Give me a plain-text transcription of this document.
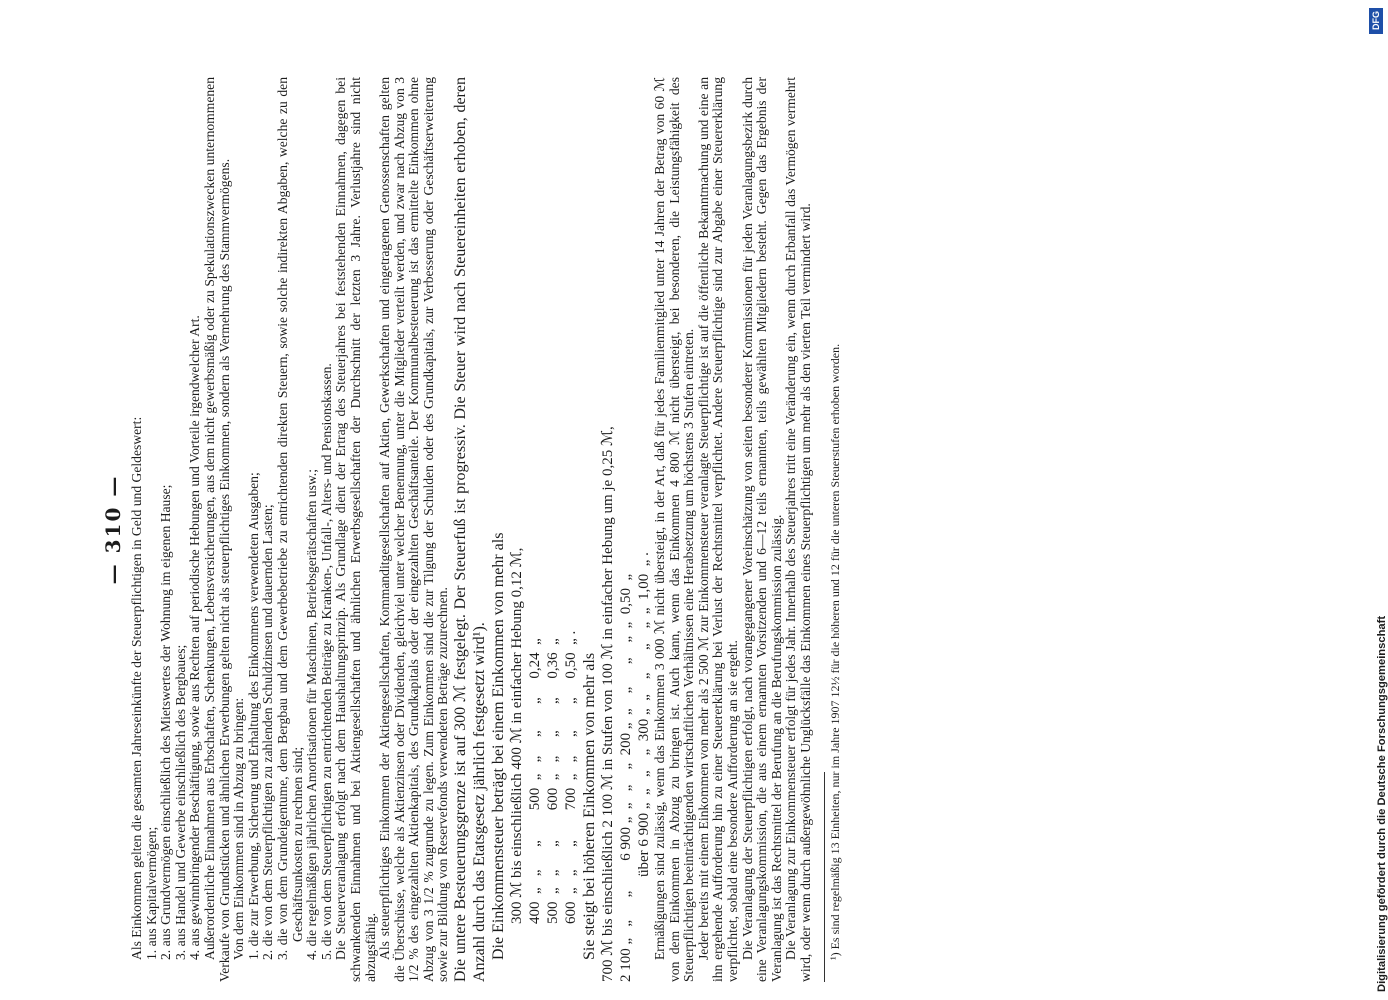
— 310 — Als Einkommen gelten die gesamten Jahreseinkünfte der Steuerpflichtigen in Geld und Geldeswert: 1. aus Kapitalvermögen; 2. aus Grundvermögen einschließlich des Mietswertes der Wohnung im eigenen Hause; 3. aus Handel und Gewerbe einschließlich des Bergbaues; 4. aus gewinnbringender Beschäftigung, sowie aus Rechten auf periodische Hebungen und Vorteile irgendwelcher Art. Außerordentliche Einnahmen aus Erbschaften, Schenkungen, Lebensversicherungen, aus dem nicht gewerbsmäßig oder zu Spekulationszwecken unternommenen Verkaufe von Grundstücken und ähnlichen Erwerbungen gelten nicht als steuerpflichtiges Einkommen, sondern als Vermehrung des Stammvermögens. Von dem Einkommen sind in Abzug zu bringen: 1. die zur Erwerbung, Sicherung und Erhaltung des Einkommens verwendeten Ausgaben; 2. die von dem Steuerpflichtigen zu zahlenden Schuldzinsen und dauernden Lasten; 3. die von dem Grundeigentume, dem Bergbau und dem Gewerbebetriebe zu entrichtenden direkten Steuern, sowie solche indirekten Abgaben, welche zu den Geschäftsunkosten zu rechnen sind; 4. die regelmäßigen jährlichen Amortisationen für Maschinen, Betriebsgerätschaften usw.; 5. die von dem Steuerpflichtigen zu entrichtenden Beiträge zu Kranken-, Unfall-, Alters- und Pensionskassen. Die Steuerveranlagung erfolgt nach dem Haushaltungsprinzip. Als Grundlage dient der Ertrag des Steuerjahres bei feststehenden Einnahmen, dagegen bei schwankenden Einnahmen und bei Aktiengesellschaften und ähnlichen Erwerbsgesellschaften der Durchschnitt der letzten 3 Jahre. Verlustjahre sind nicht abzugsfähig. Als steuerpflichtiges Einkommen der Aktiengesellschaften, Kommanditgesellschaften auf Aktien, Gewerkschaften und eingetragenen Genossenschaften gelten die Überschüsse, welche als Aktienzinsen oder Dividenden, gleichviel unter welcher Benennung, unter die Mitglieder verteilt werden, und zwar nach Abzug von 3 1/2 % des eingezahlten Aktienkapitals, des Grundkapitals oder der eingezahlten Geschäftsanteile. Der Kommunalbesteuerung ist das ermittelte Einkommen ohne Abzug von 3 1/2 % zugrunde zu legen. Zum Einkommen sind die zur Tilgung der Schulden oder des Grundkapitals, zur Verbesserung oder Geschäftserweiterung sowie zur Bildung von Reservefonds verwendeten Beträge zuzurechnen. Die untere Besteuerungsgrenze ist auf 300 ℳ festgelegt. Der Steuerfuß ist progressiv. Die Steuer wird nach Steuereinheiten erhoben, deren Anzahl durch das Etatsgesetz jährlich festgesetzt wird¹). Die Einkommensteuer beträgt bei einem Einkommen von mehr als 300 ℳ bis einschließlich 400 ℳ in einfacher Hebung 0,12 ℳ, 400  „   „      „        500  „   „     „       „     0,24  „ 500  „   „      „        600  „   „     „       „     0,36  „ 600  „   „      „        700  „   „     „       „     0,50  „ . Sie steigt bei höheren Einkommen von mehr als 700 ℳ bis einschließlich 2 100 ℳ in Stufen von 100 ℳ in einfacher Hebung um je 0,25 ℳ, 2 100 „   „      „        6 900 „  „   „    „  200 „  „    „      „    „  „  0,50  „ über 6 900 „  „   „    „  300 „  „    „      „    „  „  1,00  „ . Ermäßigungen sind zulässig, wenn das Einkommen 3 000 ℳ nicht übersteigt, in der Art, daß für jedes Familienmitglied unter 14 Jahren der Betrag von 60 ℳ von dem Einkommen in Abzug zu bringen ist. Auch kann, wenn das Einkommen 4 800 ℳ nicht übersteigt, bei besonderen, die Leistungsfähigkeit des Steuerpflichtigen beeinträchtigenden wirtschaftlichen Verhältnissen eine Herabsetzung um höchstens 3 Stufen eintreten. Jeder bereits mit einem Einkommen von mehr als 2 500 ℳ zur Einkommensteuer veranlagte Steuerpflichtige ist auf die öffentliche Bekanntmachung und eine an ihn ergehende Aufforderung hin zu einer Steuererklärung bei Verlust der Rechtsmittel verpflichtet. Andere Steuerpflichtige sind zur Abgabe einer Steuererklärung verpflichtet, sobald eine besondere Aufforderung an sie ergeht. Die Veranlagung der Steuerpflichtigen erfolgt, nach vorangegangener Voreinschätzung von seiten besonderer Kommissionen für jeden Veranlagungsbezirk durch eine Veranlagungskommission, die aus einem ernannten Vorsitzenden und 6—12 teils ernannten, teils gewählten Mitgliedern besteht. Gegen das Ergebnis der Veranlagung ist das Rechtsmittel der Berufung an die Berufungskommission zulässig. Die Veranlagung zur Einkommensteuer erfolgt für jedes Jahr. Innerhalb des Steuerjahres tritt eine Veränderung ein, wenn durch Erbanfall das Vermögen vermehrt wird, oder wenn durch außergewöhnliche Unglücksfälle das Einkommen eines Steuerpflichtigen um mehr als den vierten Teil vermindert wird. ¹) Es sind regelmäßig 13 Einheiten, nur im Jahre 1907 12½ für die höheren und 12 für die unteren Steuerstufen erhoben worden.	Digitalisierung gefördert durch die Deutsche Forschungsgemeinschaft
DFG
